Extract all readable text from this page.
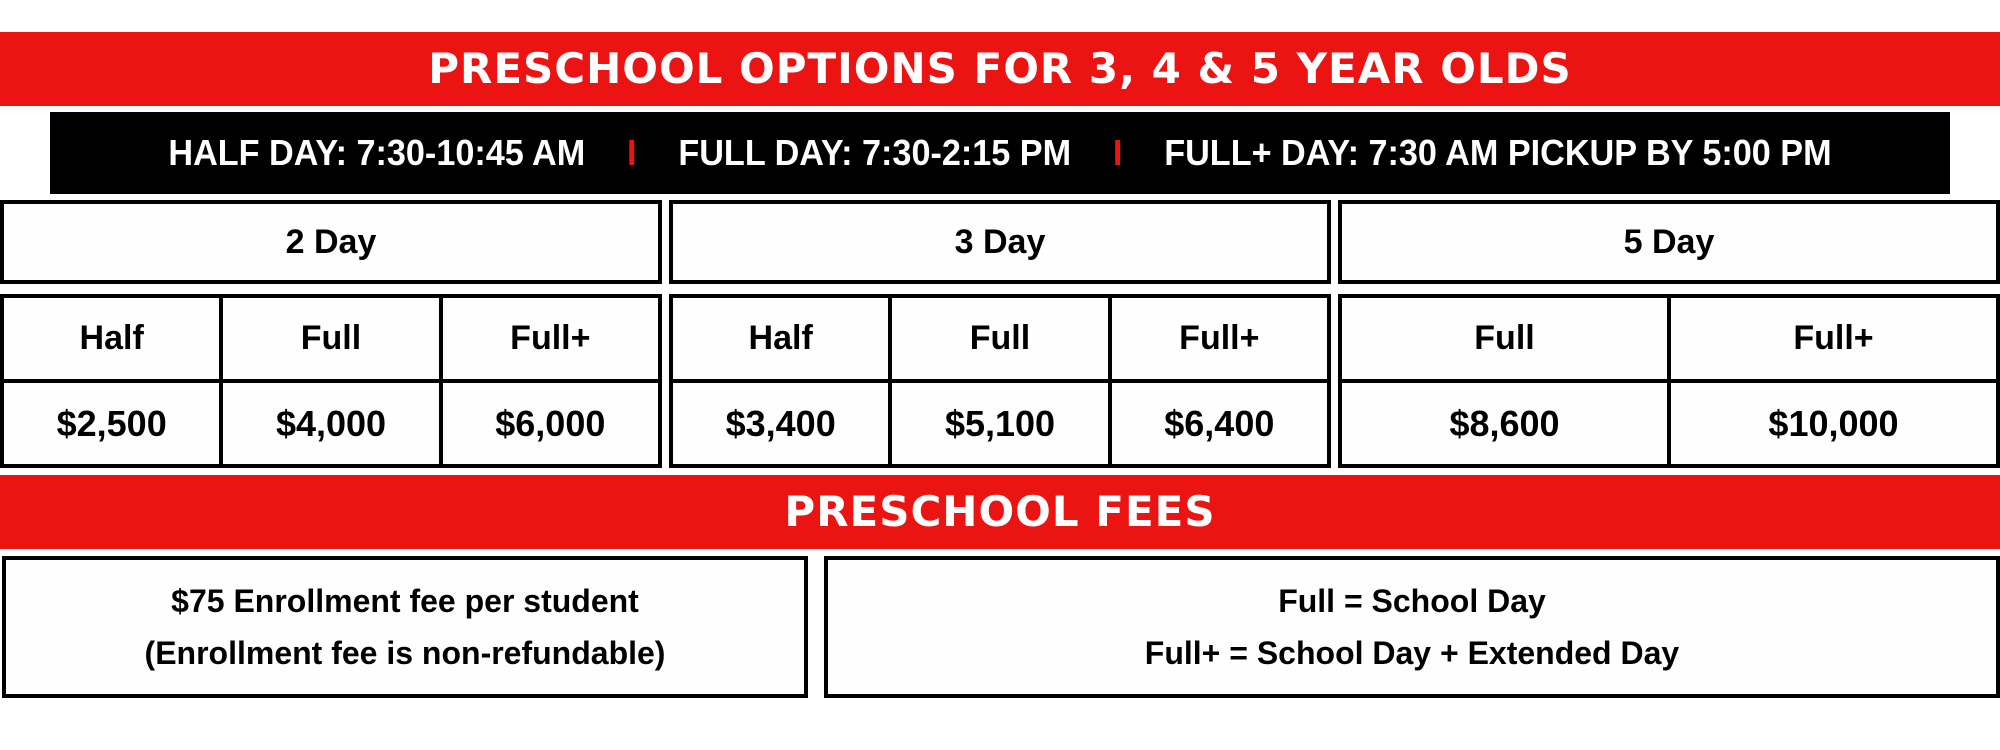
PRESCHOOL OPTIONS FOR 3, 4 & 5 YEAR OLDS
HALF DAY: 7:30-10:45 AM I FULL DAY: 7:30-2:15 PM I FULL+ DAY: 7:30 AM PICKUP BY 5:00 PM
2 Day
Half	Full	Full+
$2,500	$4,000	$6,000
3 Day
Half	Full	Full+
$3,400	$5,100	$6,400
5 Day
Full	Full+
$8,600	$10,000
PRESCHOOL FEES
$75 Enrollment fee per student
(Enrollment fee is non-refundable)
Full = School Day
Full+ = School Day + Extended Day
